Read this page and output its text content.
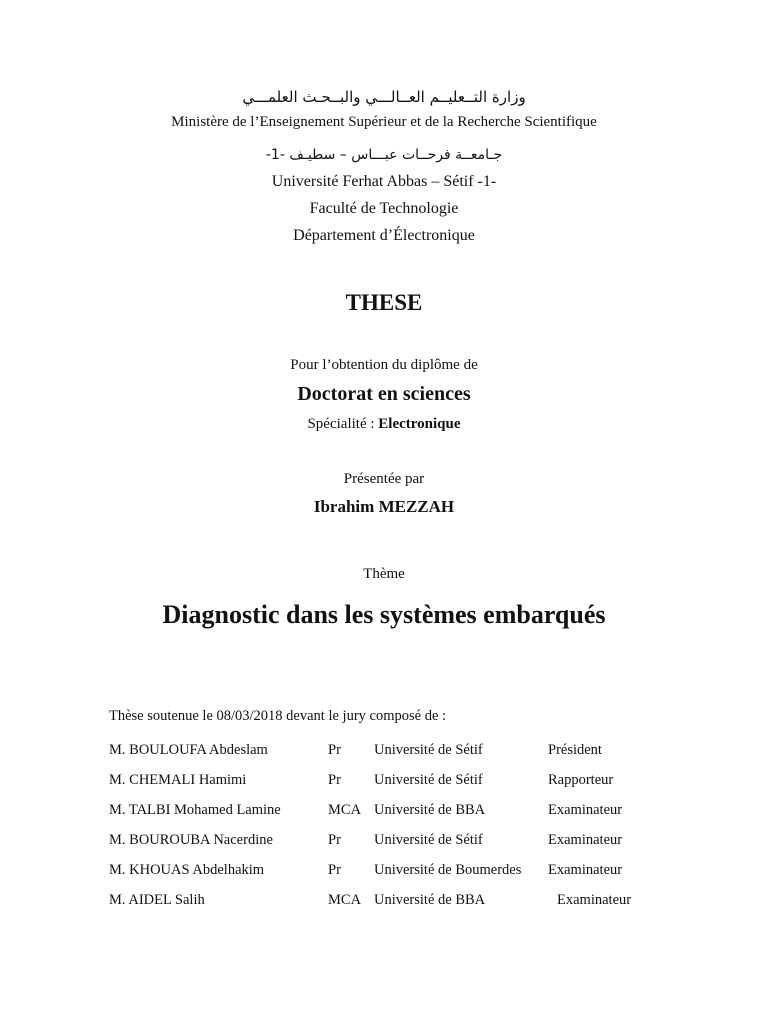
وزارة التــعليــم العــالـــي والبــحـث العلمـــي
Ministère de l’Enseignement Supérieur et de la Recherche Scientifique
جـامعــة فرحــات عبـــاس – سطيـف -1-
Université Ferhat Abbas – Sétif -1-
Faculté de Technologie
Département d’Électronique
THESE
Pour l’obtention du diplôme de
Doctorat en sciences
Spécialité : Electronique
Présentée par
Ibrahim MEZZAH
Thème
Diagnostic dans les systèmes embarqués
Thèse soutenue le 08/03/2018 devant le jury composé de :
M. BOULOUFA Abdeslam	Pr Université de Sétif	Président
M. CHEMALI Hamimi	Pr Université de Sétif	Rapporteur
M. TALBI Mohamed Lamine	MCA Université de BBA	Examinateur
M. BOUROUBA Nacerdine	Pr Université de Sétif	Examinateur
M. KHOUAS Abdelhakim	Pr Université de Boumerdes Examinateur
M. AIDEL Salih	MCA Université de BBA	Examinateur
